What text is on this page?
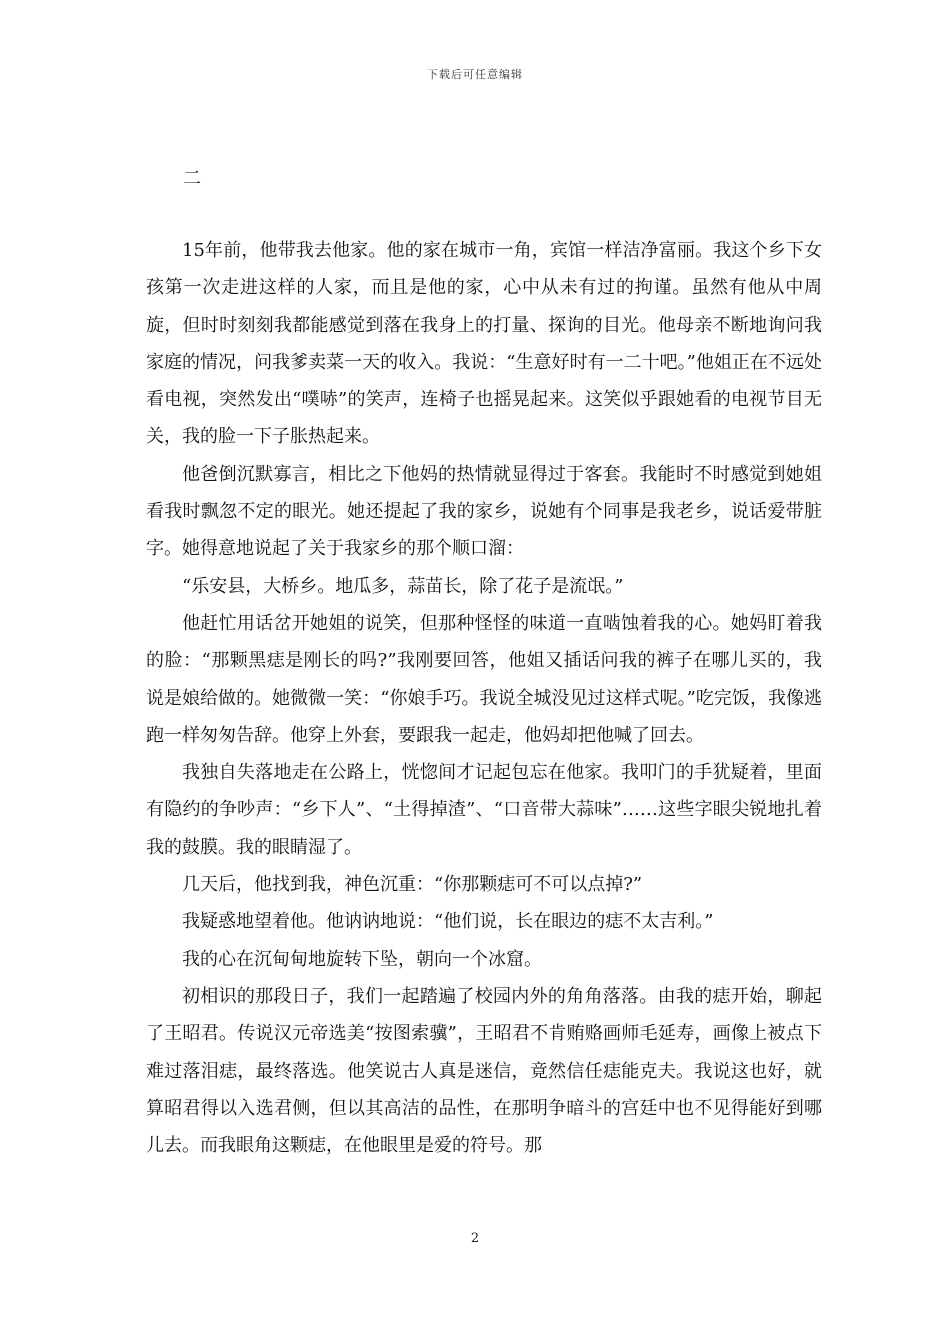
下载后可任意编辑
二

15年前，他带我去他家。他的家在城市一角，宾馆一样洁净富丽。我这个乡下女孩第一次走进这样的人家，而且是他的家，心中从未有过的拘谨。虽然有他从中周旋，但时时刻刻我都能感觉到落在我身上的打量、探询的目光。他母亲不断地询问我家庭的情况，问我爹卖菜一天的收入。我说：“生意好时有一二十吧。”他姐正在不远处看电视，突然发出“噗哧”的笑声，连椅子也摇晃起来。这笑似乎跟她看的电视节目无关，我的脸一下子胀热起来。

他爸倒沉默寡言，相比之下他妈的热情就显得过于客套。我能时不时感觉到她姐看我时飘忽不定的眼光。她还提起了我的家乡，说她有个同事是我老乡，说话爱带脏字。她得意地说起了关于我家乡的那个顺口溜：

“乐安县，大桥乡。地瓜多，蒜苗长，除了花子是流氓。”

他赶忙用话岔开她姐的说笑，但那种怪怪的味道一直啮蚀着我的心。她妈盯着我的脸：“那颗黑痣是刚长的吗?”我刚要回答，他姐又插话问我的裤子在哪儿买的，我说是娘给做的。她微微一笑：“你娘手巧。我说全城没见过这样式呢。”吃完饭，我像逃跑一样匆匆告辞。他穿上外套，要跟我一起走，他妈却把他喊了回去。

我独自失落地走在公路上，恍惚间才记起包忘在他家。我叩门的手犹疑着，里面有隐约的争吵声：“乡下人”、“土得掉渣”、“口音带大蒜味”……这些字眼尖锐地扎着我的鼓膜。我的眼睛湿了。

几天后，他找到我，神色沉重：“你那颗痣可不可以点掉?”

我疑惑地望着他。他讷讷地说：“他们说，长在眼边的痣不太吉利。”

我的心在沉甸甸地旋转下坠，朝向一个冰窟。

初相识的那段日子，我们一起踏遍了校园内外的角角落落。由我的痣开始，聊起了王昭君。传说汉元帝选美“按图索骥”，王昭君不肯贿赂画师毛延寿，画像上被点下难过落泪痣，最终落选。他笑说古人真是迷信，竟然信任痣能克夫。我说这也好，就算昭君得以入选君侧，但以其高洁的品性，在那明争暗斗的宫廷中也不见得能好到哪儿去。而我眼角这颗痣，在他眼里是爱的符号。那

2
